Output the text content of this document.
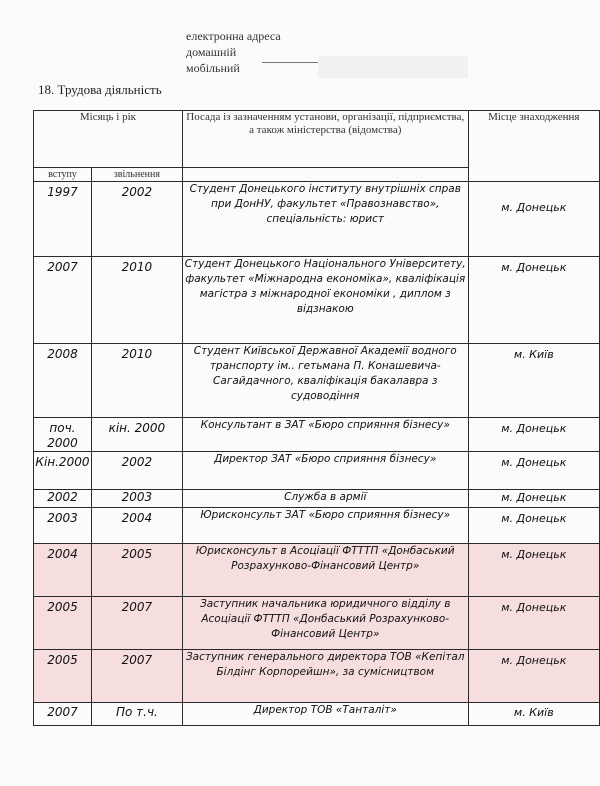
електронна адреса
домашній
мобільний
18. Трудова діяльність
Місяць і рік		Посада із зазначенням установи, організації, підприємства, а також міністерства (відомства)	Місце знаходження
вступу	звільнення		
1997	2002	Студент Донецького інституту внутрішніх справ при ДонНУ, факультет «Правознавство», спеціальність: юрист	м. Донецьк
2007	2010	Студент Донецького Національного Університету, факультет «Міжнародна економіка», кваліфікація магістра з міжнародної економіки , диплом з відзнакою	м. Донецьк
2008	2010	Студент Київської Державної Академії водного транспорту ім.. гетьмана П. Конашевича-Сагайдачного, кваліфікація бакалавра з судоводіння	м. Київ
поч. 2000	кін. 2000	Консультант в ЗАТ «Бюро сприяння бізнесу»	м. Донецьк
Кін.2000	2002	Директор ЗАТ «Бюро сприяння бізнесу»	м. Донецьк
2002	2003	Служба в армії	м. Донецьк
2003	2004	Юрисконсульт ЗАТ «Бюро сприяння бізнесу»	м. Донецьк
2004	2005	Юрисконсульт в Асоціації ФТТТП «Донбаський Розрахунково-Фінансовий Центр»	м. Донецьк
2005	2007	Заступник начальника юридичного відділу в Асоціації ФТТТП «Донбаський Розрахунково-Фінансовий Центр»	м. Донецьк
2005	2007	Заступник генерального директора ТОВ «Кепітал Білдінг Корпорейшн», за сумісництвом	м. Донецьк
2007	По т.ч.	Директор ТОВ «Танталіт»	м. Київ
